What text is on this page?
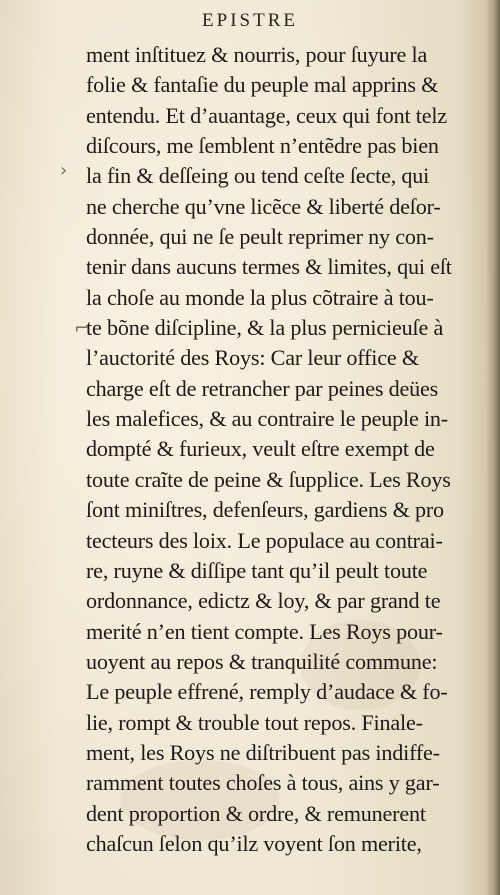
EPISTRE
›
⌐
ment inſtituez & nourris, pour ſuyure la
folie & fantaſie du peuple mal apprins &
entendu. Et d’auantage, ceux qui font telz
diſcours, me ſemblent n’entẽdre pas bien
la fin & deſſeing ou tend ceſte ſecte, qui
ne cherche qu’vne licẽce & liberté deſor-
donnée, qui ne ſe peult reprimer ny con-
tenir dans aucuns termes & limites, qui eſt
la choſe au monde la plus cõtraire à tou-
te bõne diſcipline, & la plus pernicieuſe à
l’auctorité des Roys: Car leur office &
charge eſt de retrancher par peines deües
les malefices, & au contraire le peuple in-
dompté & furieux, veult eſtre exempt de
toute craĩte de peine & ſupplice. Les Roys
ſont miniſtres, defenſeurs, gardiens & pro
tecteurs des loix. Le populace au contrai-
re, ruyne & diſſipe tant qu’il peult toute
ordonnance, edictz & loy, & par grand te
merité n’en tient compte. Les Roys pour-
uoyent au repos & tranquilité commune:
Le peuple effrené, remply d’audace & fo-
lie, rompt & trouble tout repos. Finale-
ment, les Roys ne diſtribuent pas indiffe-
ramment toutes choſes à tous, ains y gar-
dent proportion & ordre, & remunerent
chaſcun ſelon qu’ilz voyent ſon merite,
